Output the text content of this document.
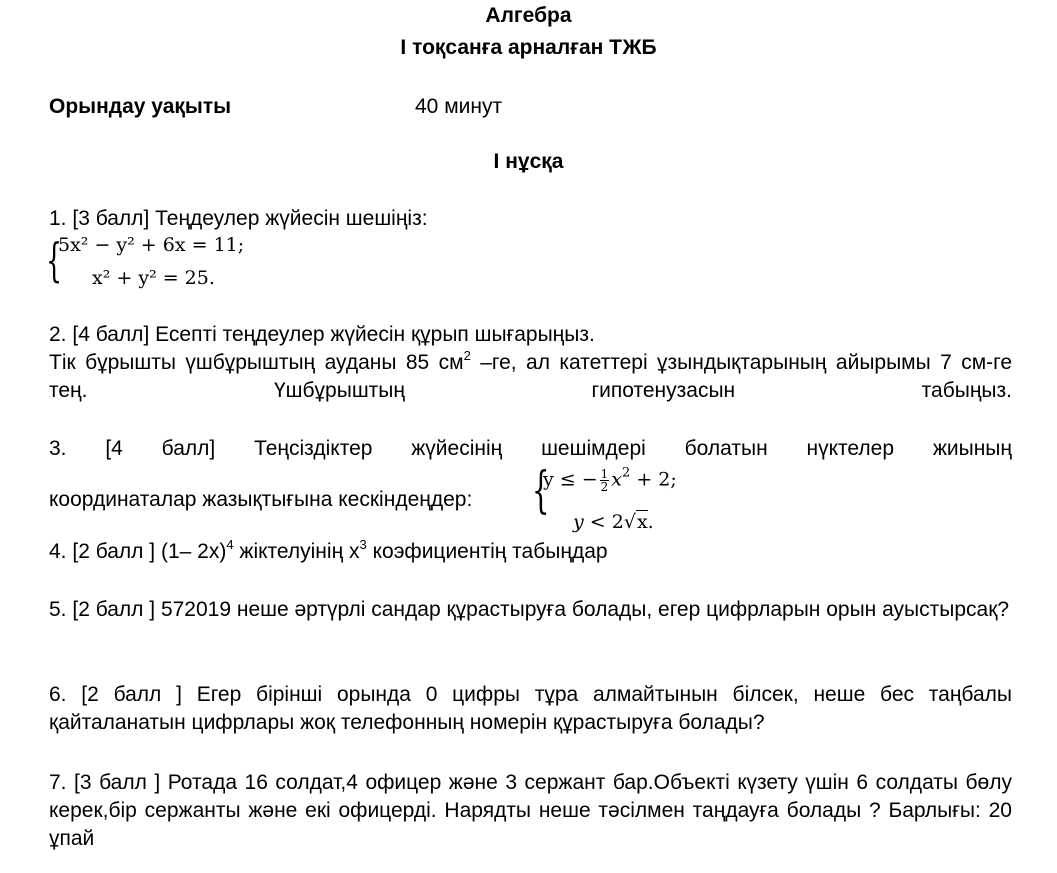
Алгебра
I тоқсанға арналған ТЖБ
Орындау уақыты	40 минут
I нұсқа
1. [3 балл] Теңдеулер жүйесін шешіңіз:
{
5x² − y² + 6x = 11;
x² + y² = 25.
2. [4 балл] Есепті теңдеулер жүйесін құрып шығарыңыз.
Тік бұрышты үшбұрыштың ауданы 85 $см^2$ –ге, ал катеттері ұзындықтарының айырымы 7 см-ге тең. Үшбұрыштың гипотенузасын табыңыз.
3. [4 балл] Теңсіздіктер жүйесінің шешімдері болатын нүктелер жиының
координаталар жазықтығына кескіндеңдер: {
y ≤ − $\frac{1}{2} x^2 + 2$;
y < 2√x.
4. [2 балл ] (1– 2x)$^4$ жіктелуінің $x^3$ коэфициентің табыңдар
5. [2 балл ] 572019 неше әртүрлі сандар құрастыруға болады, егер цифрларын орын ауыстырсақ?
6. [2 балл ] Егер бірінші орында 0 цифры тұра алмайтынын білсек, неше бес таңбалы қайталанатын цифрлары жоқ телефонның номерін құрастыруға болады?
7. [3 балл ] Ротада 16 солдат,4 офицер және 3 сержант бар.Объекті күзету үшін 6 солдаты бөлу керек,бір сержанты және екі офицерді. Нарядты неше тәсілмен таңдауға болады ? Барлығы: 20 ұпай
